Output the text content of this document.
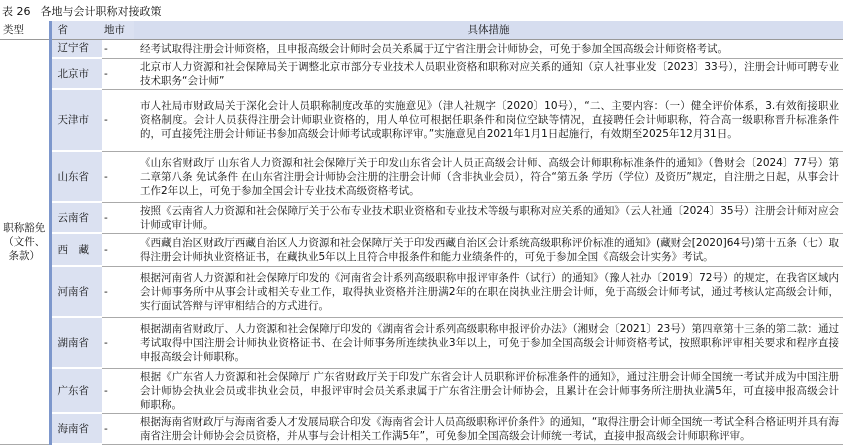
表 26 各地与会计职称对接政策
类型	省	地市	具体措施
职称豁免（文件、条款）	辽宁省	-	经考试取得注册会计师资格，且申报高级会计师时会员关系属于辽宁省注册会计师协会，可免于参加全国高级会计师资格考试。
	北京市	-	北京市人力资源和社会保障局关于调整北京市部分专业技术人员职业资格和职称对应关系的通知（京人社事业发〔2023〕33号），注册会计师可聘专业技术职务“会计师”
	天津市	-	市人社局市财政局关于深化会计人员职称制度改革的实施意见》（津人社规字〔2020〕10号），“二、主要内容：（一）健全评价体系，3.有效衔接职业资格制度。会计人员获得注册会计师职业资格的，用人单位可根据任职条件和岗位空缺等情况，直接聘任会计师职称，符合高一级职称晋升标准条件的，可直接凭注册会计师证书参加高级会计师考试或职称评审。”实施意见自2021年1月1日起施行，有效期至2025年12月31日。
	山东省	-	《山东省财政厅 山东省人力资源和社会保障厅关于印发山东省会计人员正高级会计师、高级会计师职称标准条件的通知》（鲁财会〔2024〕77号）第二章第八条 免试条件 在山东省注册会计师协会注册的注册会计师（含非执业会员），符合“第五条 学历（学位）及资历”规定，自注册之日起，从事会计工作2年以上，可免于参加全国会计专业技术高级资格考试。
	云南省	-	按照《云南省人力资源和社会保障厅关于公布专业技术职业资格和专业技术等级与职称对应关系的通知》（云人社通〔2024〕35号）注册会计师对应会计师或审计师。
	西　藏	-	《西藏自治区财政厅西藏自治区人力资源和社会保障厅关于印发西藏自治区会计系统高级职称评价标准的通知》(藏财会[2020]64号)第十五条（七）取得注册会计师执业资格证书，在藏执业5年以上且符合申报条件和能力业绩条件的，可免于参加全国《高级会计实务》考试。
	河南省	-	根据河南省人力资源和社会保障厅印发的《河南省会计系列高级职称申报评审条件（试行）的通知》（豫人社办〔2019〕72号）的规定，在我省区域内会计师事务所中从事会计或相关专业工作，取得执业资格并注册满2年的在职在岗执业注册会计师，免于高级会计师考试，通过考核认定高级会计师，实行面试答辩与评审相结合的方式进行。
	湖南省	-	根据湖南省财政厅、人力资源和社会保障厅印发的《湖南省会计系列高级职称申报评价办法》（湘财会〔2021〕23号）第四章第十三条的第二款：通过考试取得中国注册会计师执业资格证书、在会计师事务所连续执业3年以上，可免于参加全国高级会计师资格考试，按照职称评审相关要求和程序直接申报高级会计师职称。
	广东省	-	根据《广东省人力资源和社会保障厅 广东省财政厅关于印发广东省会计人员职称评价标准条件的通知》，通过注册会计师全国统一考试并成为中国注册会计师协会执业会员或非执业会员，申报评审时会员关系隶属于广东省注册会计师协会，且累计在会计师事务所注册执业满5年，可直接申报高级会计师职称。
	海南省	-	根据海南省财政厅与海南省委人才发展局联合印发《海南省会计人员高级职称评价条件》的通知，“取得注册会计师全国统一考试全科合格证明并具有海南省注册会计师协会会员资格，并从事与会计相关工作满5年”，可免参加全国高级会计师统一考试，直接申报高级会计师职称评审。
